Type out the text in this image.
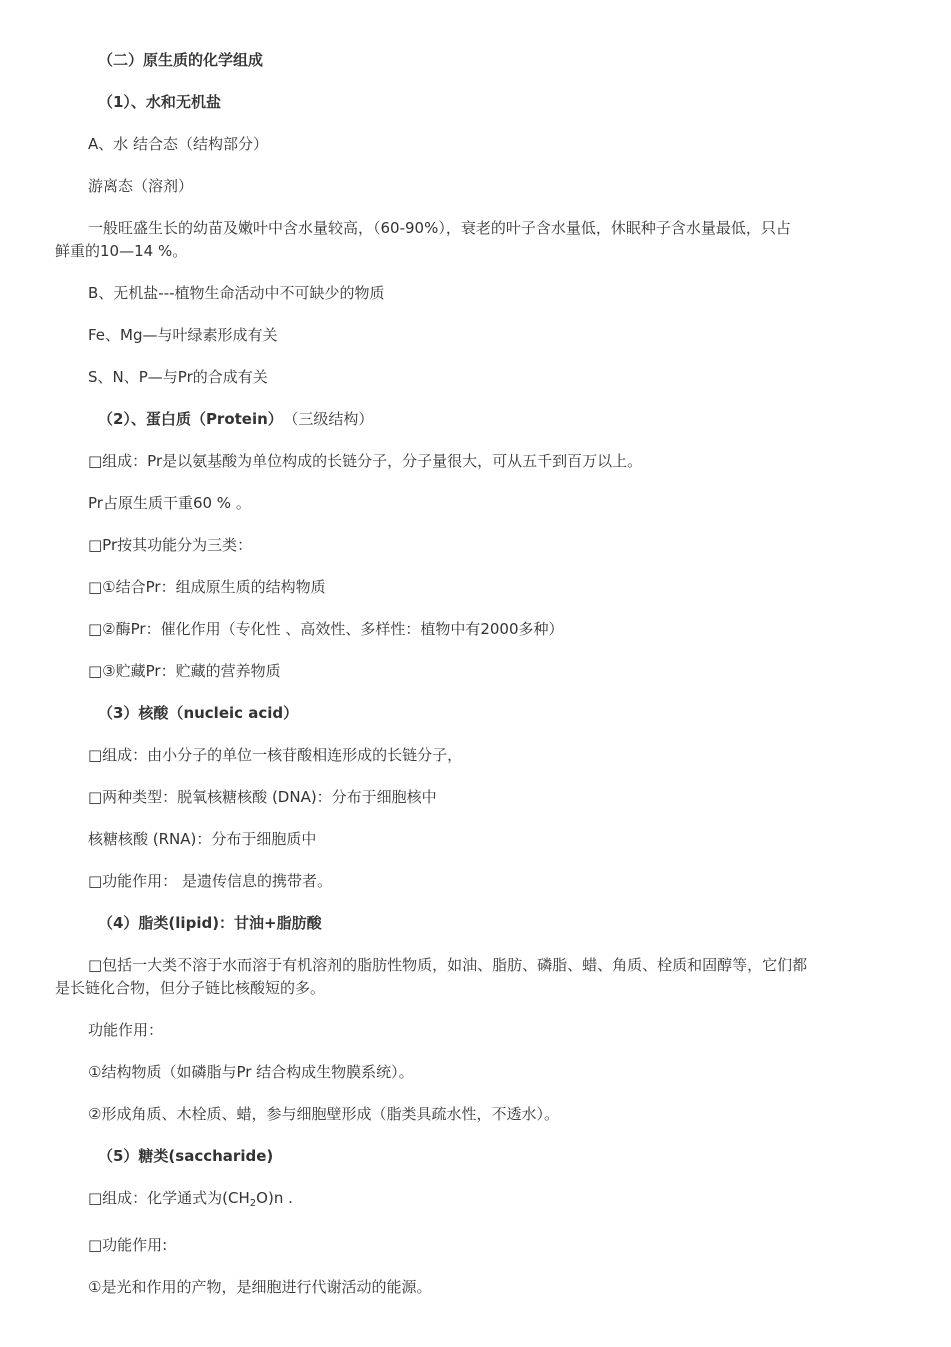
（二）原生质的化学组成
（1）、水和无机盐
A、水 结合态（结构部分）
游离态（溶剂）
一般旺盛生长的幼苗及嫩叶中含水量较高，（60-90%），衰老的叶子含水量低，休眠种子含水量最低，只占
鲜重的10—14 %。
B、无机盐---植物生命活动中不可缺少的物质
Fe、Mg—与叶绿素形成有关
S、N、P—与Pr的合成有关
（2）、蛋白质（Protein） （三级结构）
□组成：Pr是以氨基酸为单位构成的长链分子，分子量很大，可从五千到百万以上。
Pr占原生质干重60 % 。
□Pr按其功能分为三类：
□①结合Pr：组成原生质的结构物质
□②酶Pr：催化作用（专化性 、高效性、多样性：植物中有2000多种）
□③贮藏Pr：贮藏的营养物质
（3）核酸（nucleic acid）
□组成：由小分子的单位一核苷酸相连形成的长链分子，
□两种类型：脱氧核糖核酸 (DNA)：分布于细胞核中
核糖核酸 (RNA)：分布于细胞质中
□功能作用： 是遗传信息的携带者。
（4）脂类(lipid)：甘油+脂肪酸
□包括一大类不溶于水而溶于有机溶剂的脂肪性物质，如油、脂肪、磷脂、蜡、角质、栓质和固醇等，它们都
是长链化合物，但分子链比核酸短的多。
功能作用：
①结构物质（如磷脂与Pr 结合构成生物膜系统）。
②形成角质、木栓质、蜡，参与细胞壁形成（脂类具疏水性，不透水）。
（5）糖类(saccharide)
□组成：化学通式为$(CH_2O)n$ .
□功能作用:
①是光和作用的产物，是细胞进行代谢活动的能源。
